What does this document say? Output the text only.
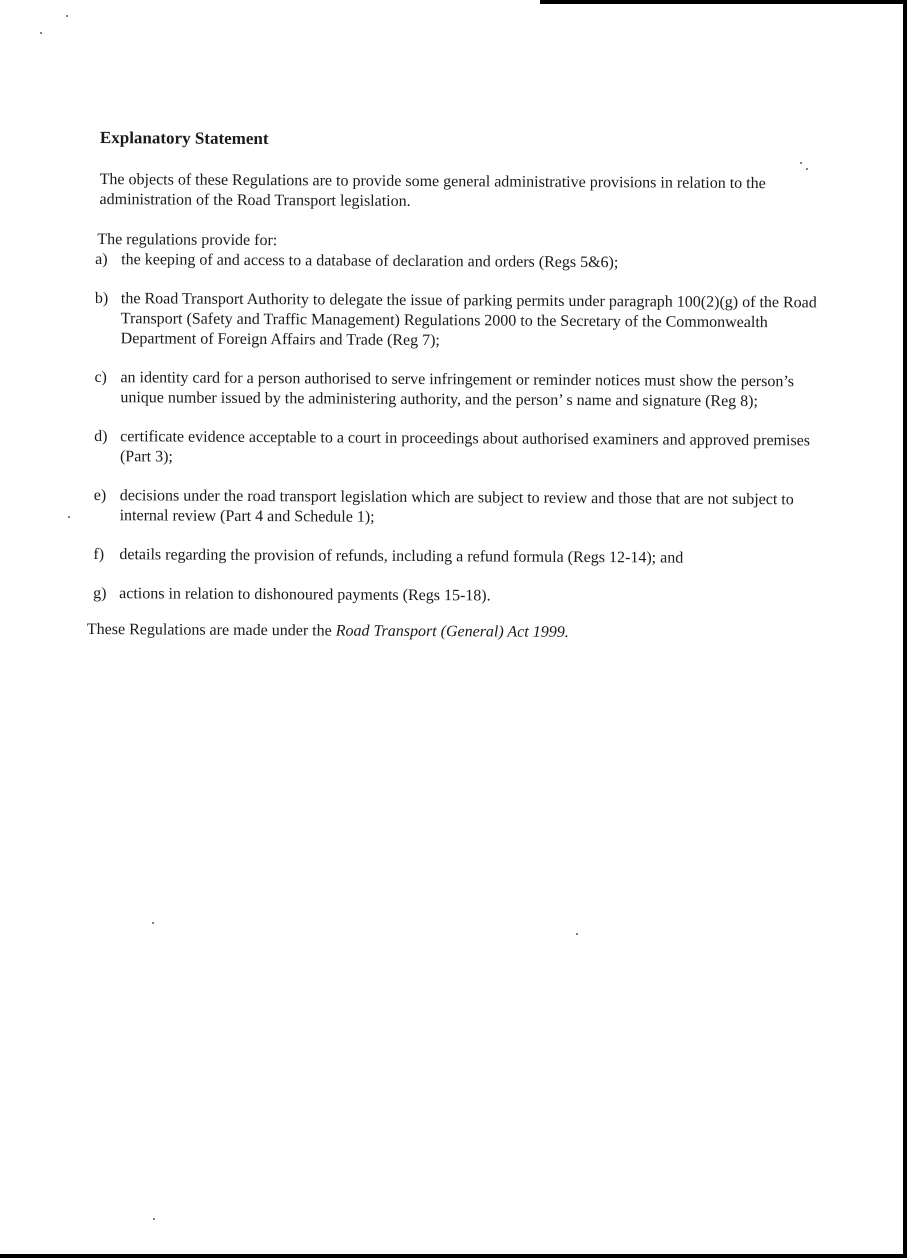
Explanatory Statement

The objects of these Regulations are to provide some general administrative provisions in relation to the administration of the Road Transport legislation.

The regulations provide for:

a) the keeping of and access to a database of declaration and orders (Regs 5&6);
b) the Road Transport Authority to delegate the issue of parking permits under paragraph 100(2)(g) of the Road Transport (Safety and Traffic Management) Regulations 2000 to the Secretary of the Commonwealth Department of Foreign Affairs and Trade (Reg 7);
c) an identity card for a person authorised to serve infringement or reminder notices must show the person’s unique number issued by the administering authority, and the person’ s name and signature (Reg 8);
d) certificate evidence acceptable to a court in proceedings about authorised examiners and approved premises (Part 3);
e) decisions under the road transport legislation which are subject to review and those that are not subject to internal review (Part 4 and Schedule 1);
f) details regarding the provision of refunds, including a refund formula (Regs 12-14); and
g) actions in relation to dishonoured payments (Regs 15-18).

These Regulations are made under the Road Transport (General) Act 1999.
